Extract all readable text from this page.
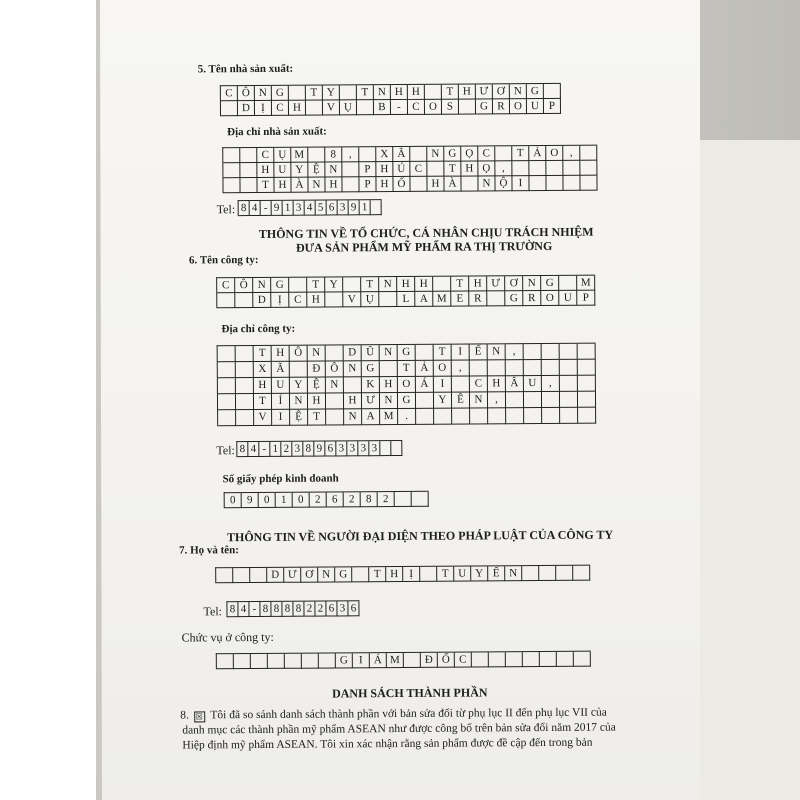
5. Tên nhà sản xuất:
C Ô N G	T Y	T N H H	T H Ư Ơ N G
D	Ị	C H	V Ụ	B	-	C O S	G R O U P
Địa chỉ nhà sản xuất:
C Ụ M	8	,	X Ã	N G Ọ C	T Ả O	,
H U Y Ệ N	P H Ú C	T H Ọ	,
T H À N H	P H Ố	H À	N Ộ	I
Tel: 8 4 - 9 1 3 4 5 6 3 9 1
THÔNG TIN VỀ TỔ CHỨC, CÁ NHÂN CHỊU TRÁCH NHIỆM
ĐƯA SẢN PHẨM MỸ PHẨM RA THỊ TRƯỜNG
6. Tên công ty:
C Ô N G	T Y	T N H H	T H Ư Ơ N G	M
D	Ị	C H	V Ụ	L A M E R	G R O U P
Địa chỉ công ty:
T H Ô N	D Ũ N G	T	I	Ế N	,
X Ã	Đ Ô N G	T Ả O	,
H U Y Ệ N	K H O Á	I	C H Â U	,
T	Ỉ	N H	H Ư N G	Y Ê N	,
V	I	Ệ	T	N A M	.
Tel: 8 4 - 1 2 3 8 9 6 3 3 3 3
Số giấy phép kinh doanh
0	9	0	1	0	2	6	2	8	2
THÔNG TIN VỀ NGƯỜI ĐẠI DIỆN THEO PHÁP LUẬT CỦA CÔNG TY
7. Họ và tên:
D Ư Ơ N G	T H	Ị	T U Y Ế N
Tel: 8 4 - 8 8 8 8 2 2 6 3 6
Chức vụ ở công ty:
G	I	Á M	Đ Ố C
DANH SÁCH THÀNH PHẦN
8. ☒ Tôi đã so sánh danh sách thành phần với bản sửa đổi từ phụ lục II đến phụ lục VII của
danh mục các thành phần mỹ phẩm ASEAN như được công bố trên bản sửa đổi năm 2017 của
Hiệp định mỹ phẩm ASEAN. Tôi xin xác nhận rằng sản phẩm được đề cập đến trong bản
